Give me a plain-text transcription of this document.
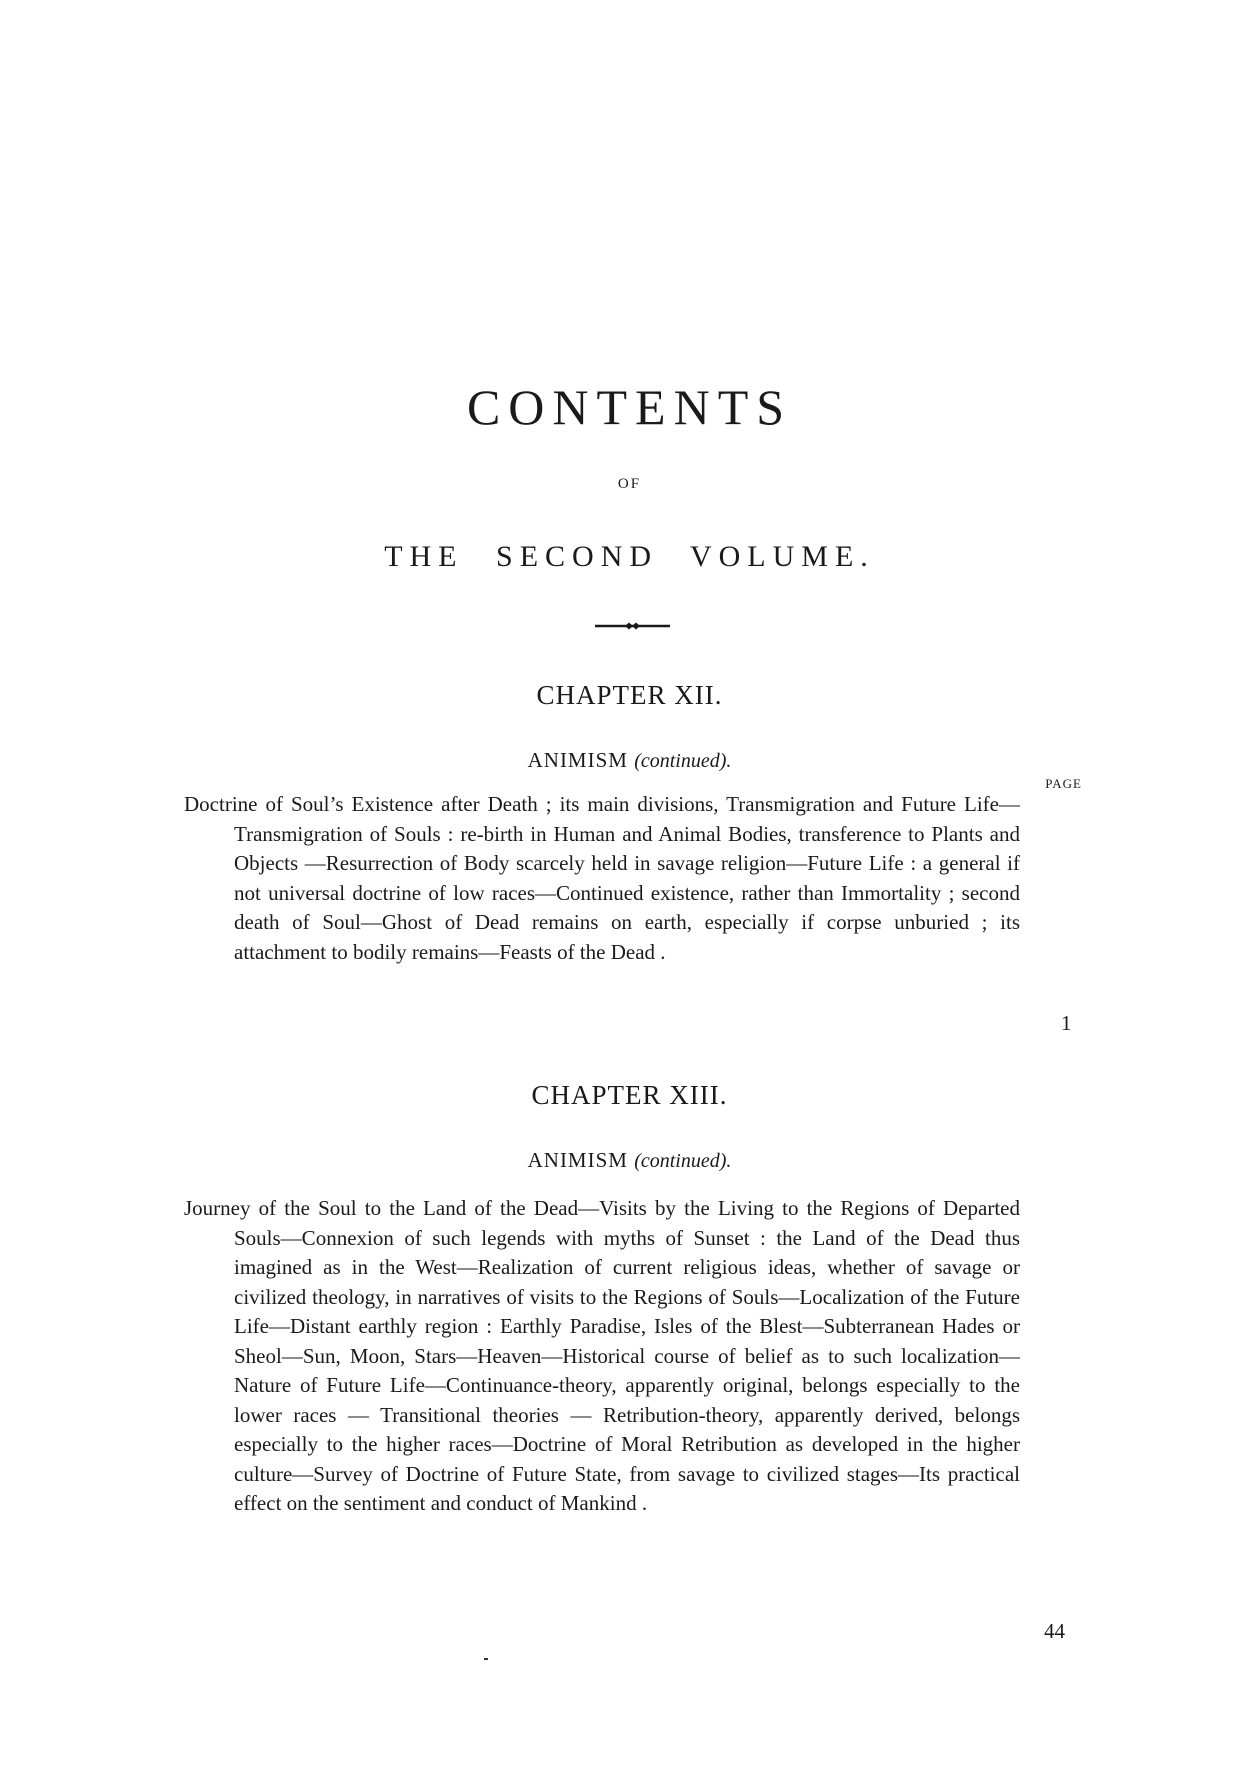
CONTENTS
OF
THE SECOND VOLUME.
CHAPTER XII.
ANIMISM (continued).
PAGE

Doctrine of Soul’s Existence after Death ; its main divisions, Transmigration and Future Life—Transmigration of Souls : re-birth in Human and Animal Bodies, transference to Plants and Objects —Resurrection of Body scarcely held in savage religion—Future Life : a general if not universal doctrine of low races—Continued existence, rather than Immortality ; second death of Soul—Ghost of Dead remains on earth, especially if corpse unburied ; its attachment to bodily remains—Feasts of the Dead .

1
CHAPTER XIII.
ANIMISM (continued).

Journey of the Soul to the Land of the Dead—Visits by the Living to the Regions of Departed Souls—Connexion of such legends with myths of Sunset : the Land of the Dead thus imagined as in the West—Realization of current religious ideas, whether of savage or civilized theology, in narratives of visits to the Regions of Souls—Localization of the Future Life—Distant earthly region : Earthly Paradise, Isles of the Blest—Subterranean Hades or Sheol—Sun, Moon, Stars—Heaven—Historical course of belief as to such localization—Nature of Future Life—Continuance-theory, apparently original, belongs especially to the lower races — Transitional theories — Retribution-theory, apparently derived, belongs especially to the higher races—Doctrine of Moral Retribution as developed in the higher culture—Survey of Doctrine of Future State, from savage to civilized stages—Its practical effect on the sentiment and conduct of Mankind .

44
